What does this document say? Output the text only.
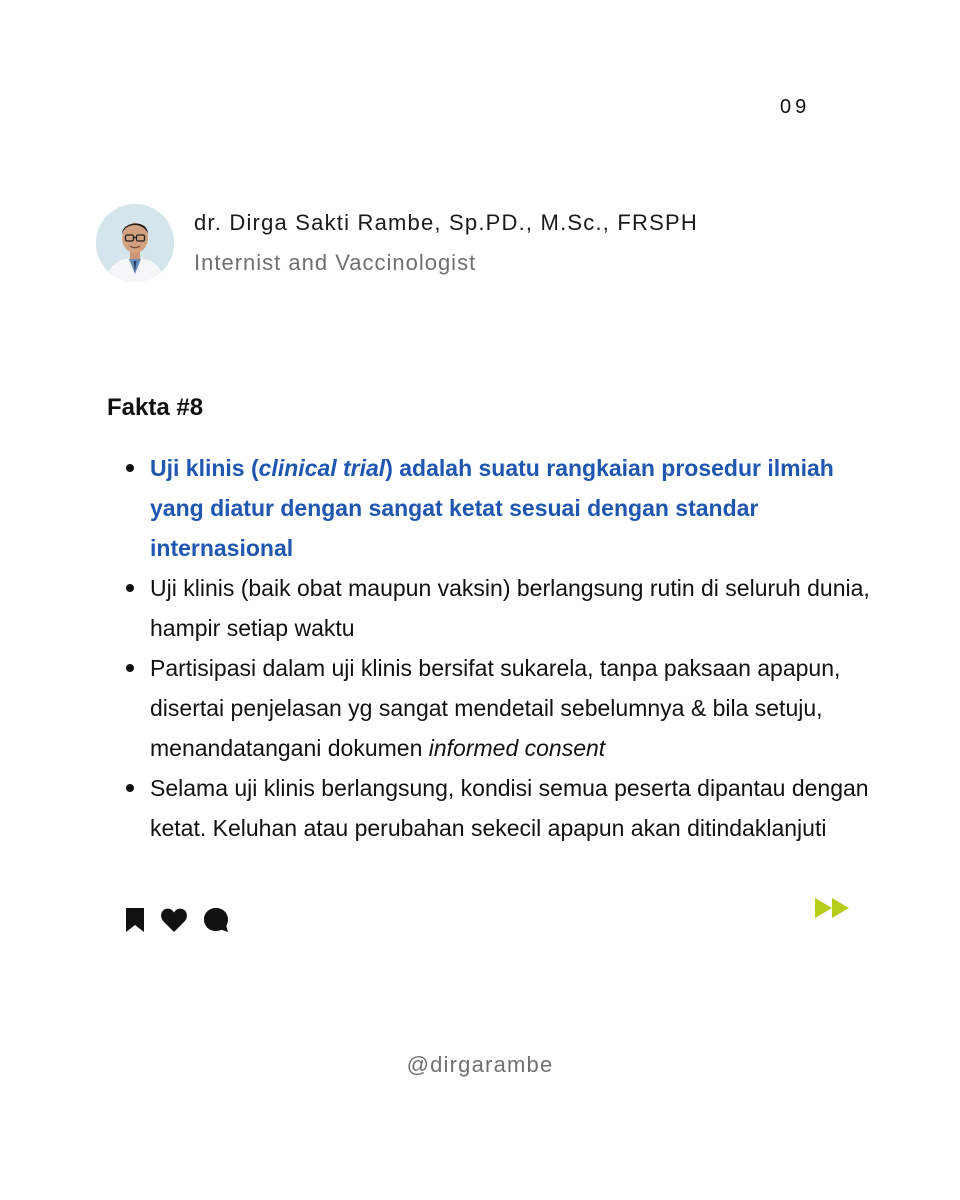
09
dr. Dirga Sakti Rambe, Sp.PD., M.Sc., FRSPH
Internist and Vaccinologist
Fakta #8
Uji klinis (clinical trial) adalah suatu rangkaian prosedur ilmiah yang diatur dengan sangat ketat sesuai dengan standar internasional
Uji klinis (baik obat maupun vaksin) berlangsung rutin di seluruh dunia, hampir setiap waktu
Partisipasi dalam uji klinis bersifat sukarela, tanpa paksaan apapun, disertai penjelasan yg sangat mendetail sebelumnya & bila setuju, menandatangani dokumen informed consent
Selama uji klinis berlangsung, kondisi semua peserta dipantau dengan ketat. Keluhan atau perubahan sekecil apapun akan ditindaklanjuti
@dirgarambe
